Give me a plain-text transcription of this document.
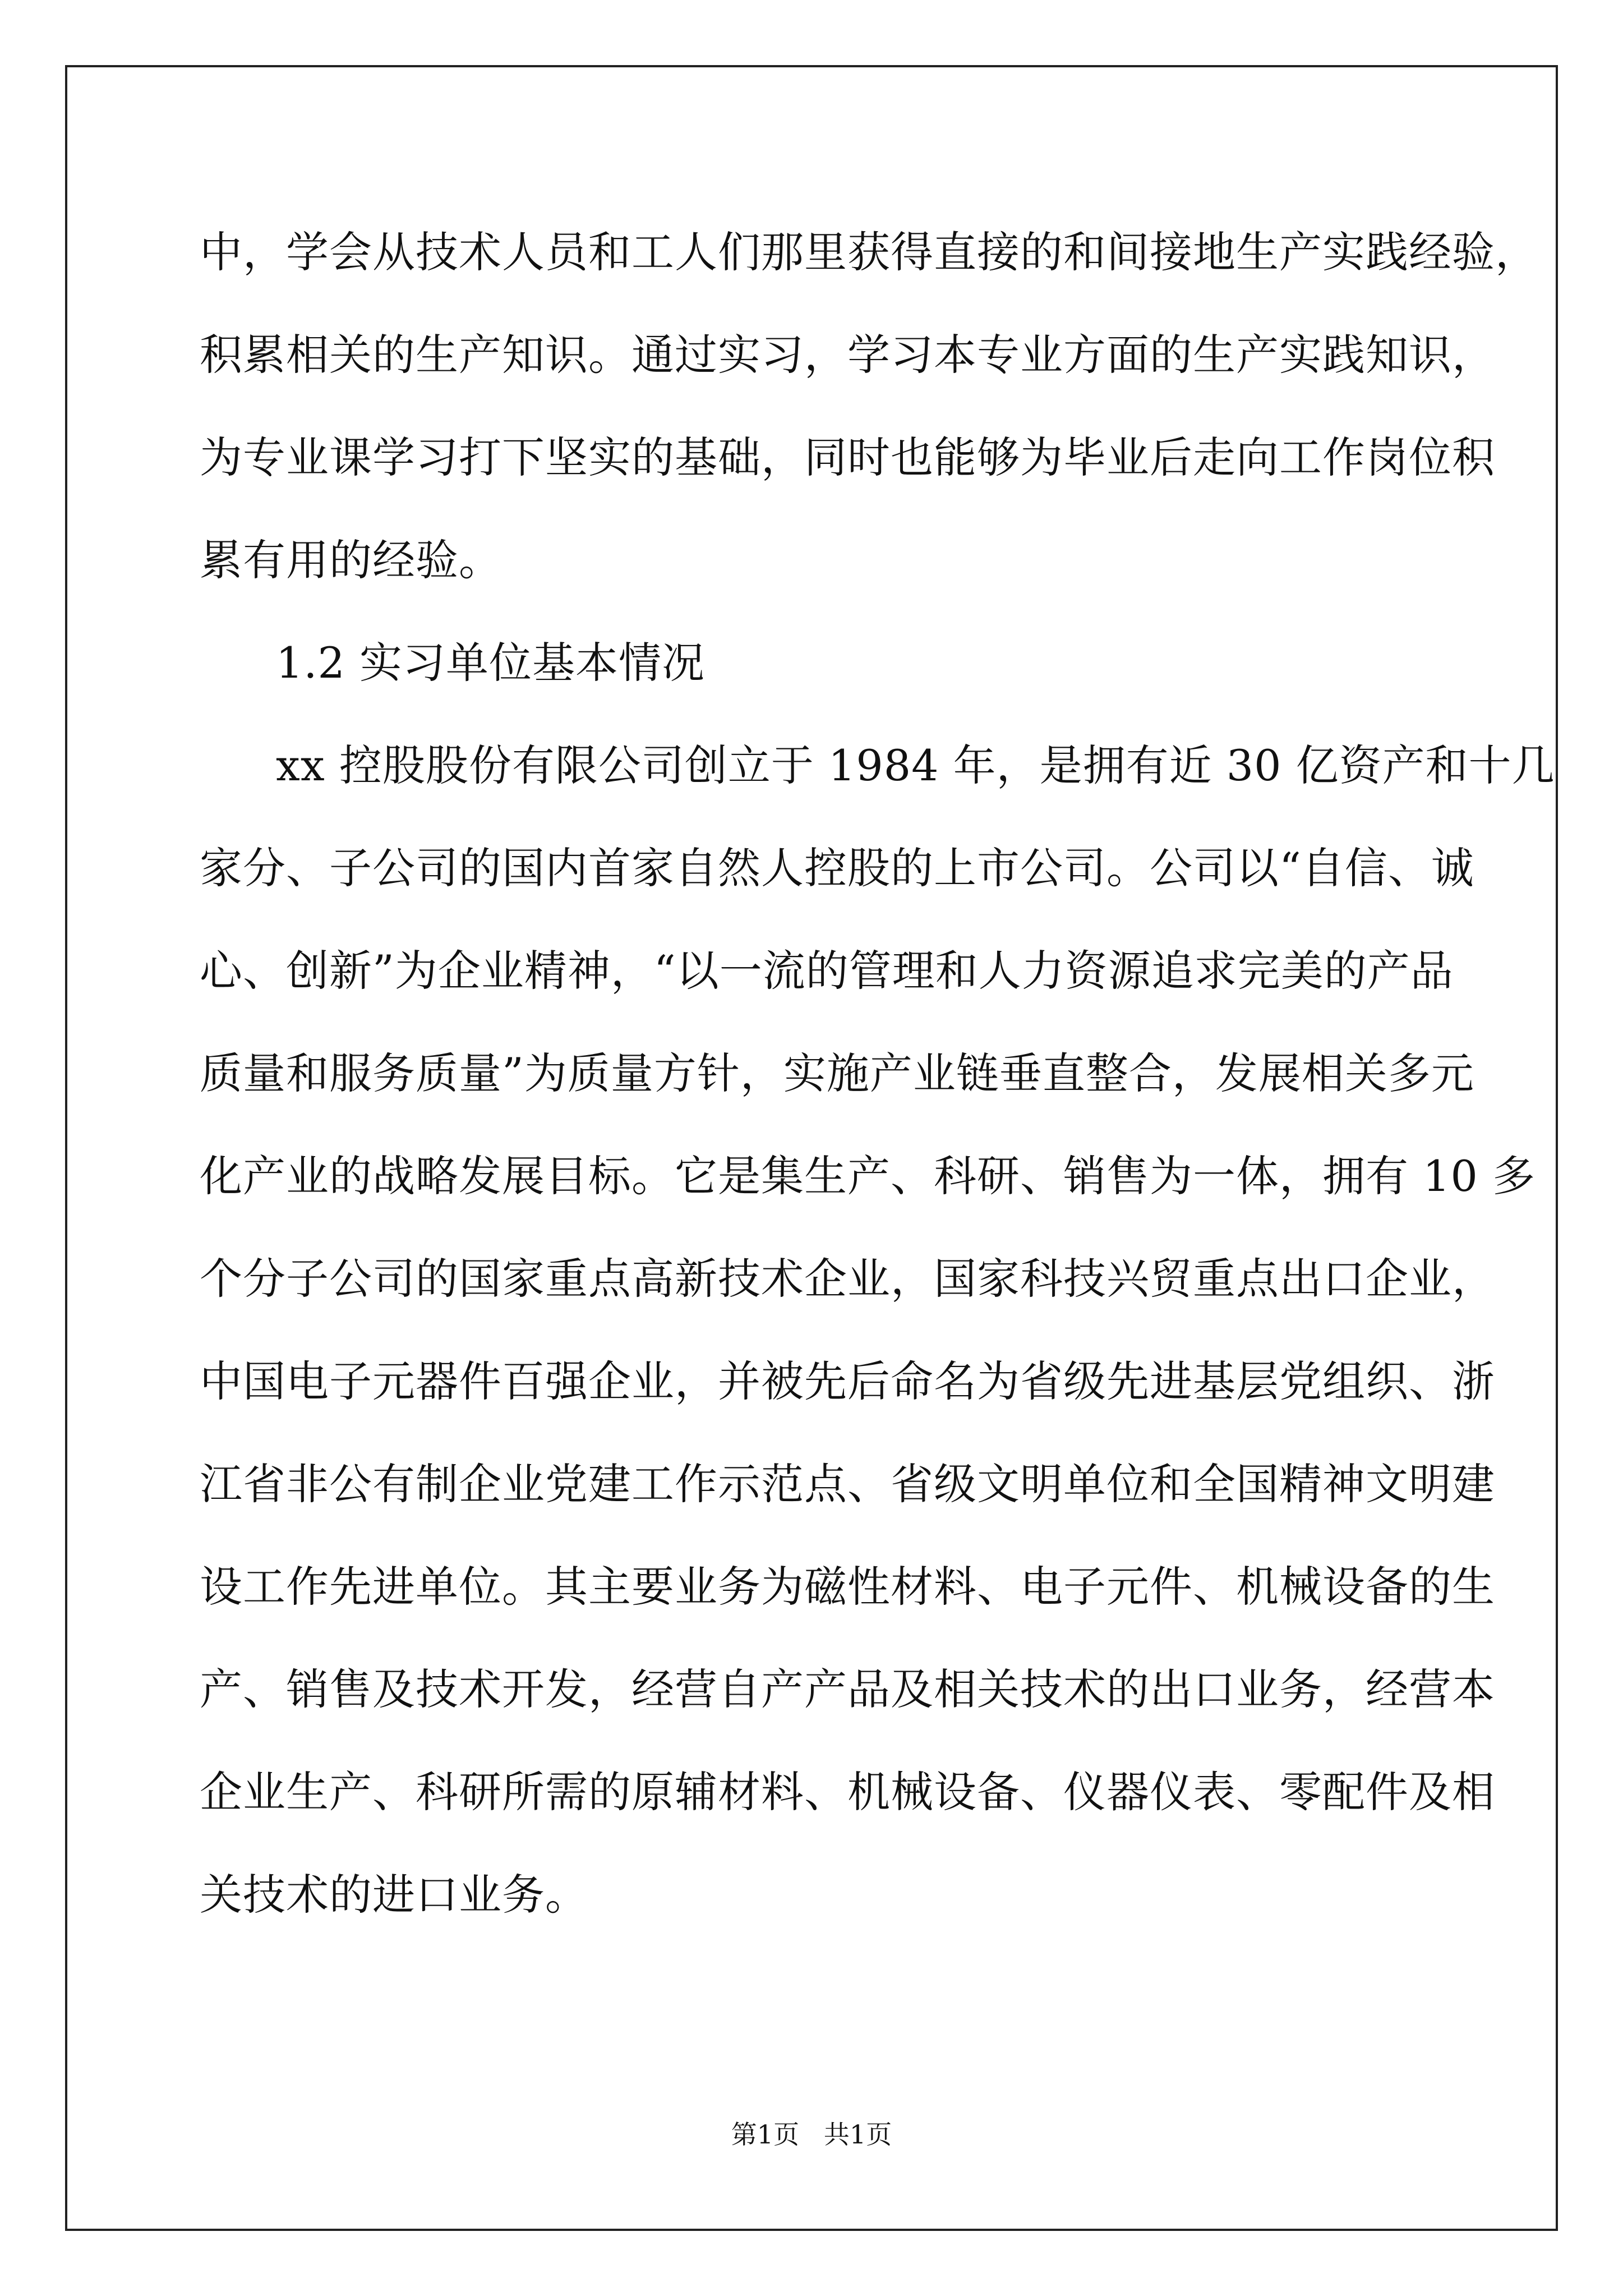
中，学会从技术人员和工人们那里获得直接的和间接地生产实践经验，

积累相关的生产知识。通过实习，学习本专业方面的生产实践知识，

为专业课学习打下坚实的基础，同时也能够为毕业后走向工作岗位积

累有用的经验。

1.2 实习单位基本情况

xx 控股股份有限公司创立于 1984 年，是拥有近 30 亿资产和十几

家分、子公司的国内首家自然人控股的上市公司。公司以“自信、诚

心、创新”为企业精神，“以一流的管理和人力资源追求完美的产品

质量和服务质量”为质量方针，实施产业链垂直整合，发展相关多元

化产业的战略发展目标。它是集生产、科研、销售为一体，拥有 10 多

个分子公司的国家重点高新技术企业，国家科技兴贸重点出口企业，

中国电子元器件百强企业，并被先后命名为省级先进基层党组织、浙

江省非公有制企业党建工作示范点、省级文明单位和全国精神文明建

设工作先进单位。其主要业务为磁性材料、电子元件、机械设备的生

产、销售及技术开发，经营自产产品及相关技术的出口业务，经营本

企业生产、科研所需的原辅材料、机械设备、仪器仪表、零配件及相

关技术的进口业务。

第1页   共1页
